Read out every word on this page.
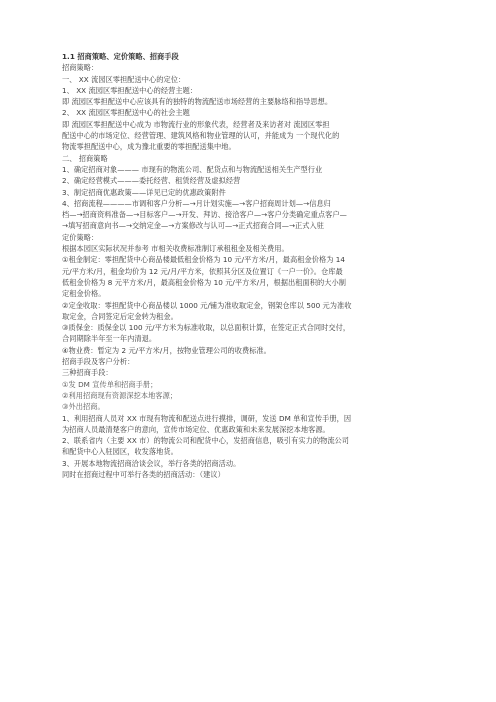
1.1 招商策略、定价策略、招商手段
招商策略：
一、 XX 流园区零担配送中心的定位：
1、 XX 流园区零担配送中心的经营主题：
即 流园区零担配送中心应该具有的独特的物流配送市场经营的主要脉络和指导思想。
2、 XX 流园区零担配送中心的社会主题
即 流园区零担配送中心成为 市物流行业的形象代表，经营者及来访者对 流园区零担
配送中心的市场定位、经营管理、建筑风格和物业管理的认可，并能成为 一个现代化的
物流零担配送中心，成为豫北重要的零担配送集中地。
二、 招商策略
1、确定招商对象——— 市现有的物流公司、配货点和与物流配送相关生产型行业
2、确定经营模式———委托经营、租赁经营及虚拟经营
3、制定招商优惠政策——详见已定的优惠政策附件
4、招商流程————市调和客户分析—→月计划实施—→客户招商周计划—→信息归
档—→招商资料准备—→目标客户—→开发、拜访、接洽客户—→客户分类确定重点客户—
→填写招商意向书—→交纳定金—→方案修改与认可—→正式招商合同—→正式入驻
定价策略：
根据本园区实际状况并参考 市相关收费标准制订承租租金及相关费用。
①租金制定：零担配货中心商品楼最低租金价格为 10 元/平方米/月，最高租金价格为 14
元/平方米/月，租金均价为 12 元/月/平方米，依照其分区及位置订《一户一价》。仓库最
低租金价格为 8 元平方米/月，最高租金价格为 10 元/平方米/月，根据出租面积的大小制
定租金价格。
②定金收取：零担配货中心商品楼以 1000 元/铺为准收取定金，钢架仓库以 500 元为准收
取定金，合同签定后定金转为租金。
③质保金：质保金以 100 元/平方米为标准收取，以总面积计算，在签定正式合同时交付，
合同期除半年至一年内清退。
④物业费：暂定为 2 元/平方米/月，按物业管理公司的收费标准。
招商手段及客户分析：
三种招商手段：
①发 DM 宣传单和招商手册；
②利用招商现有资源深挖本地客源；
③外出招商。
1、利用招商人员对 XX 市现有物流和配送点进行摸排，调研，发送 DM 单和宣传手册，因
为招商人员最清楚客户的意向，宣传市场定位、优惠政策和未来发展深挖本地客源。
2、联系省内（主要 XX 市）的物流公司和配货中心，发招商信息，吸引有实力的物流公司
和配货中心入驻园区，收发落地货。
3、开展本地物流招商洽谈会议，举行各类的招商活动。
同时在招商过程中可举行各类的招商活动：（建议）
